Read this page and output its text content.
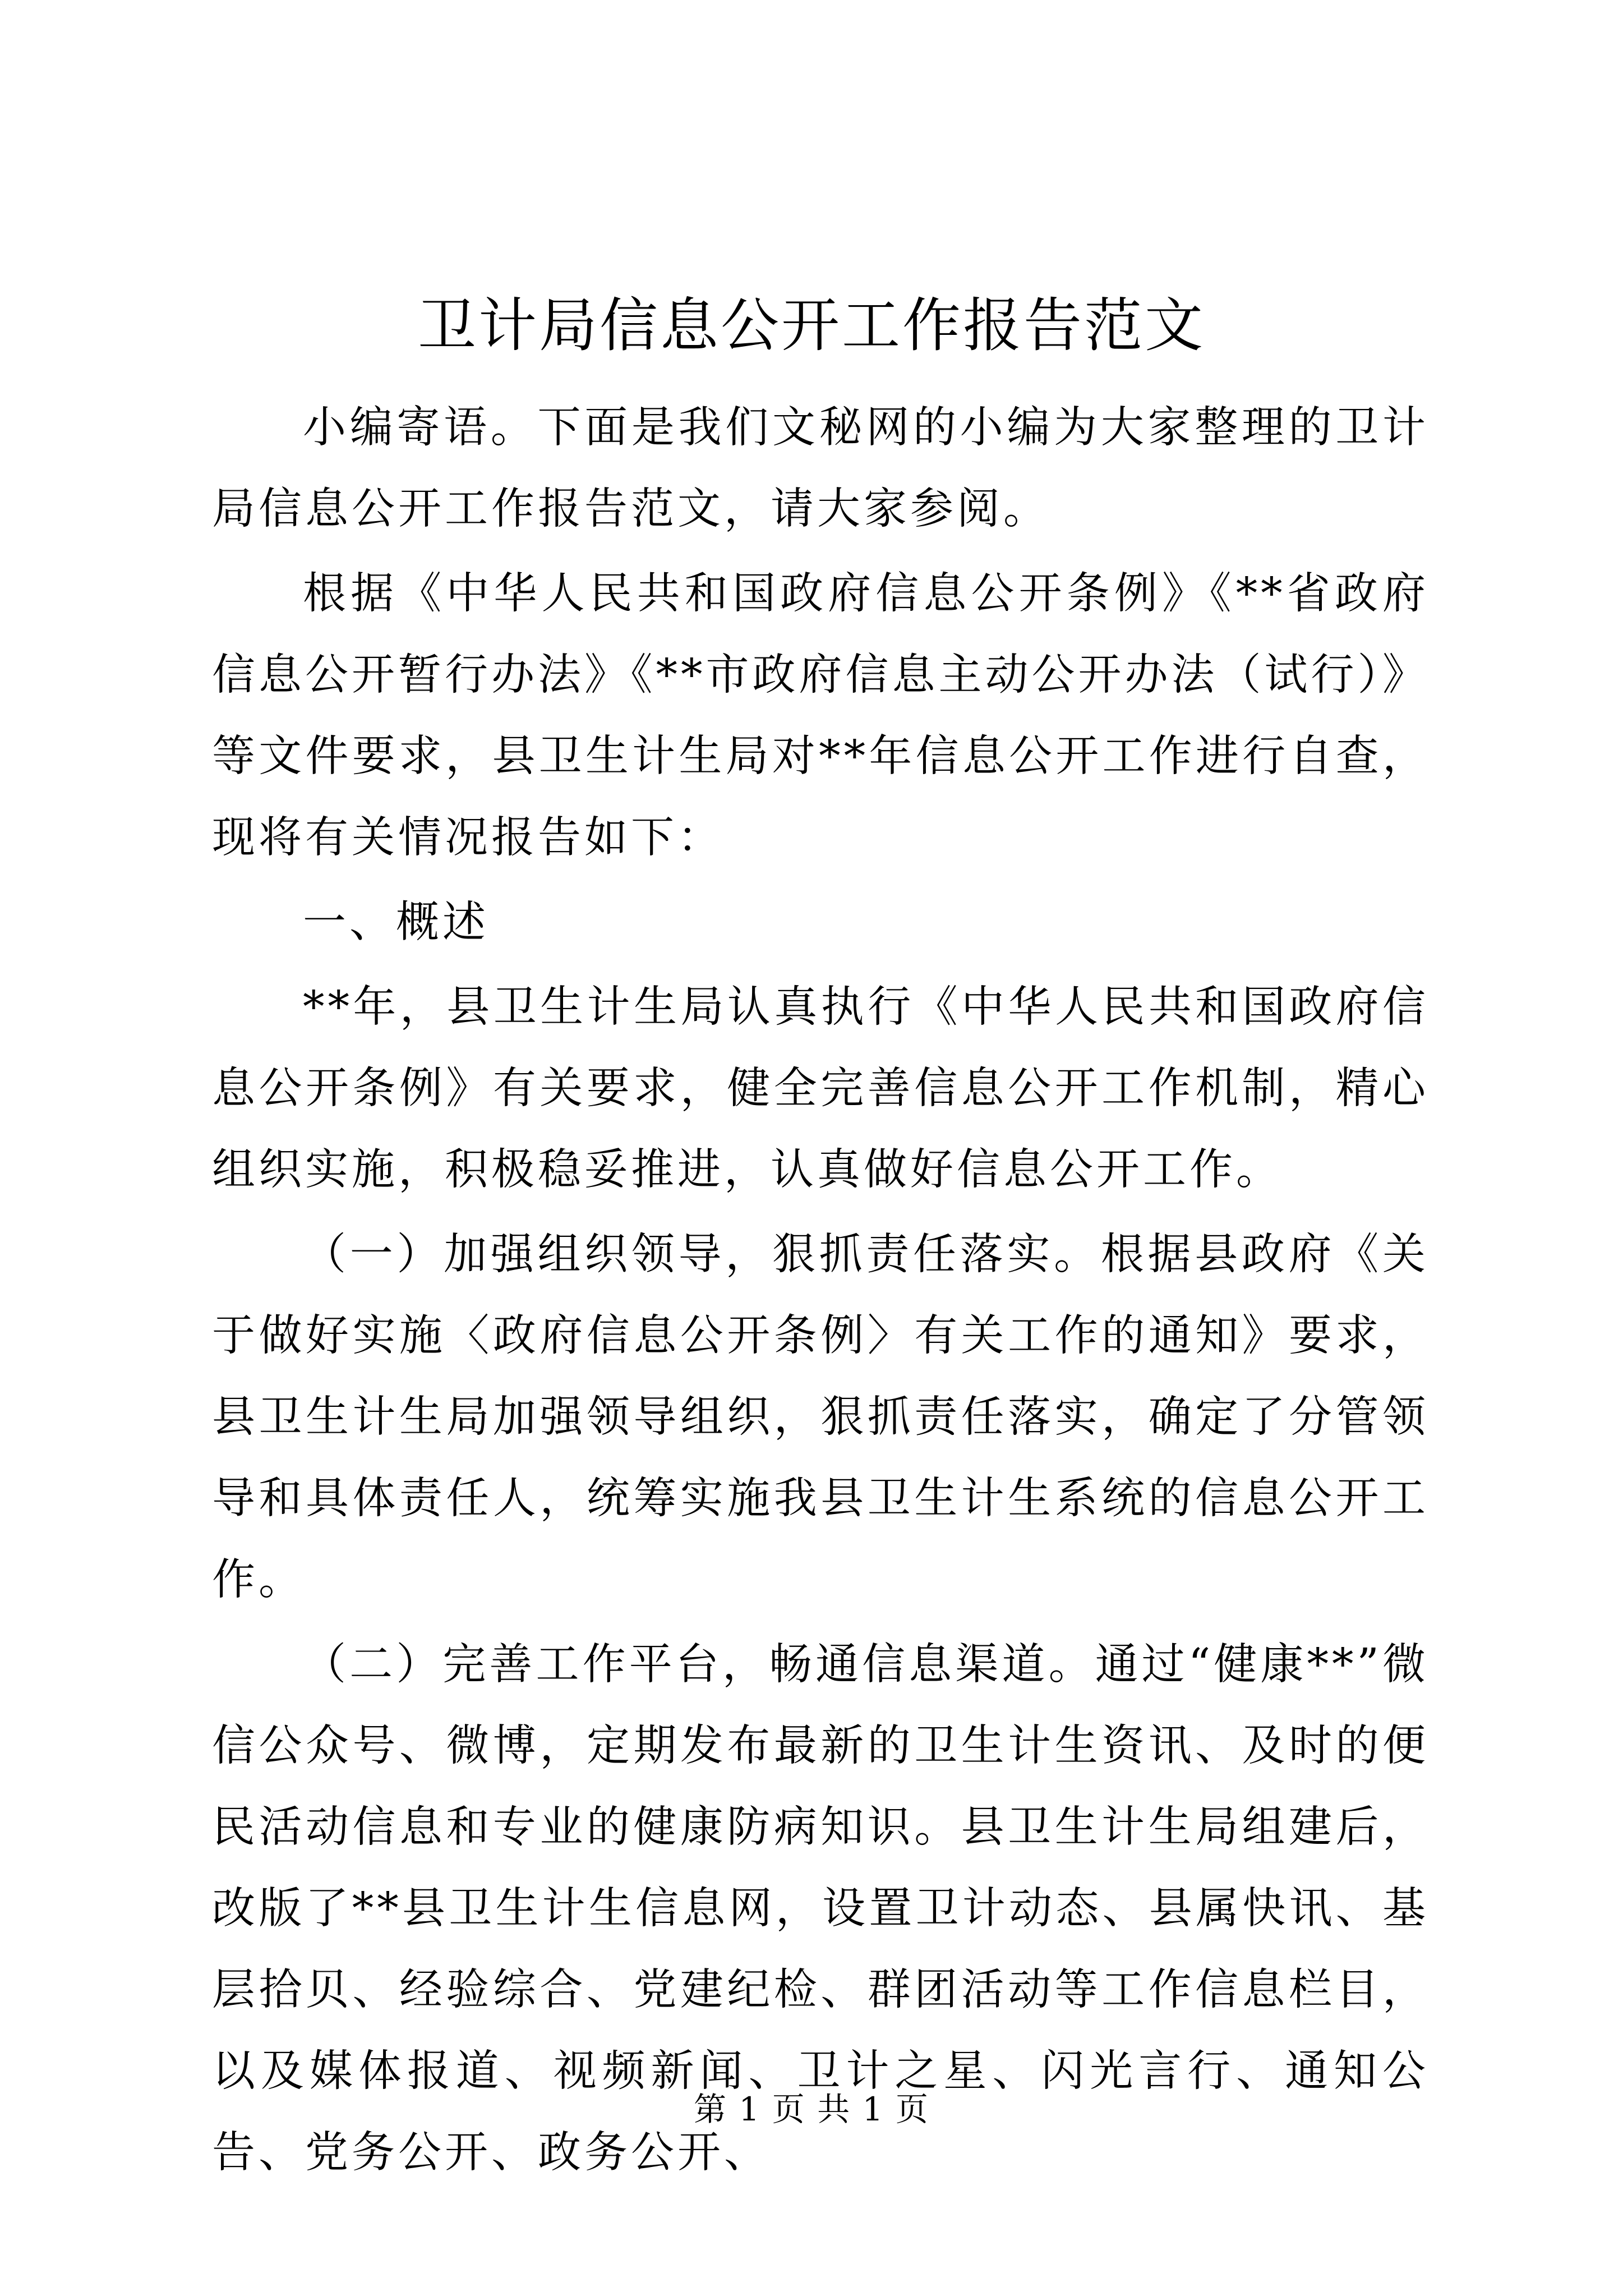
卫计局信息公开工作报告范文

小编寄语。下面是我们文秘网的小编为大家整理的卫计局信息公开工作报告范文，请大家参阅。

根据《中华人民共和国政府信息公开条例》《**省政府信息公开暂行办法》《**市政府信息主动公开办法（试行）》等文件要求，县卫生计生局对**年信息公开工作进行自查，现将有关情况报告如下：

一、概述

**年，县卫生计生局认真执行《中华人民共和国政府信息公开条例》有关要求，健全完善信息公开工作机制，精心组织实施，积极稳妥推进，认真做好信息公开工作。

（一）加强组织领导，狠抓责任落实。根据县政府《关于做好实施〈政府信息公开条例〉有关工作的通知》要求，县卫生计生局加强领导组织，狠抓责任落实，确定了分管领导和具体责任人，统筹实施我县卫生计生系统的信息公开工作。

（二）完善工作平台，畅通信息渠道。通过“健康**”微信公众号、微博，定期发布最新的卫生计生资讯、及时的便民活动信息和专业的健康防病知识。县卫生计生局组建后，改版了**县卫生计生信息网，设置卫计动态、县属快讯、基层拾贝、经验综合、党建纪检、群团活动等工作信息栏目，以及媒体报道、视频新闻、卫计之星、闪光言行、通知公告、党务公开、政务公开、

第 1 页 共 1 页
